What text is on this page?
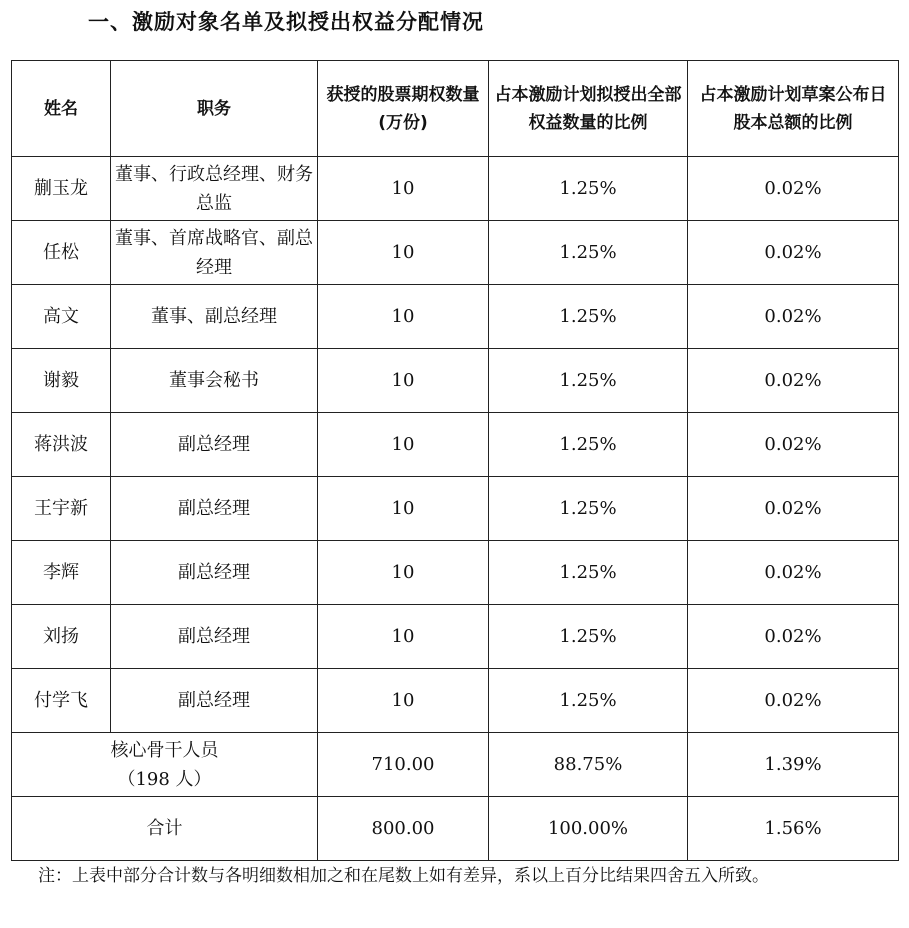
一、激励对象名单及拟授出权益分配情况
姓名	职务	获授的股票期权数量(万份)	占本激励计划拟授出全部权益数量的比例	占本激励计划草案公布日股本总额的比例
蒯玉龙	董事、行政总经理、财务总监	10	1.25%	0.02%
任松	董事、首席战略官、副总经理	10	1.25%	0.02%
高文	董事、副总经理	10	1.25%	0.02%
谢毅	董事会秘书	10	1.25%	0.02%
蒋洪波	副总经理	10	1.25%	0.02%
王宇新	副总经理	10	1.25%	0.02%
李辉	副总经理	10	1.25%	0.02%
刘扬	副总经理	10	1.25%	0.02%
付学飞	副总经理	10	1.25%	0.02%

核心骨干人员
（198 人）		710.00	88.75%	1.39%
合计		800.00	100.00%	1.56%
注：上表中部分合计数与各明细数相加之和在尾数上如有差异，系以上百分比结果四舍五入所致。
